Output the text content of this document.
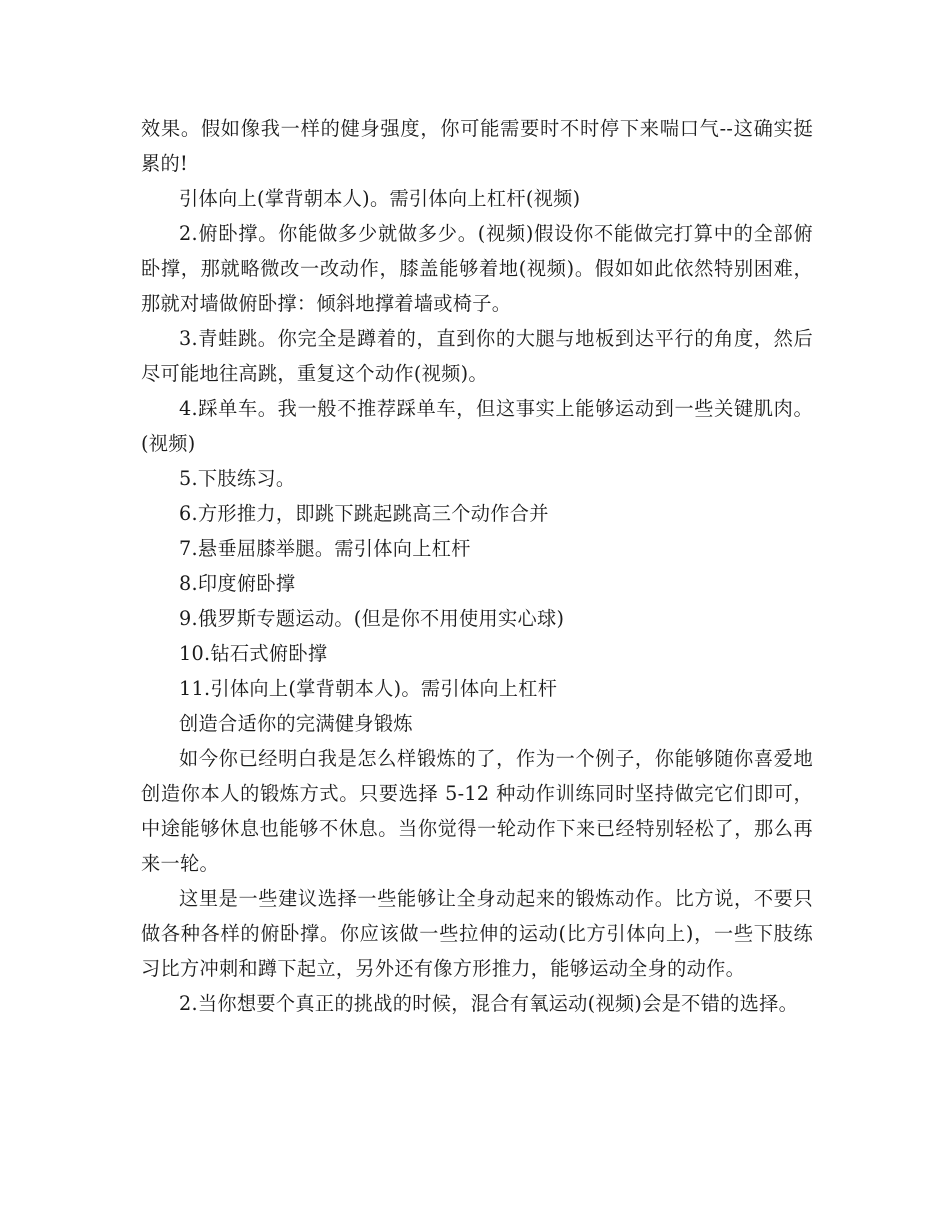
效果。假如像我一样的健身强度，你可能需要时不时停下来喘口气--这确实挺累的!

引体向上(掌背朝本人)。需引体向上杠杆(视频)

2.俯卧撑。你能做多少就做多少。(视频)假设你不能做完打算中的全部俯卧撑，那就略微改一改动作，膝盖能够着地(视频)。假如如此依然特别困难，那就对墙做俯卧撑：倾斜地撑着墙或椅子。

3.青蛙跳。你完全是蹲着的，直到你的大腿与地板到达平行的角度，然后尽可能地往高跳，重复这个动作(视频)。

4.踩单车。我一般不推荐踩单车，但这事实上能够运动到一些关键肌肉。(视频)

5.下肢练习。

6.方形推力，即跳下跳起跳高三个动作合并

7.悬垂屈膝举腿。需引体向上杠杆

8.印度俯卧撑

9.俄罗斯专题运动。(但是你不用使用实心球)

10.钻石式俯卧撑

11.引体向上(掌背朝本人)。需引体向上杠杆

创造合适你的完满健身锻炼

如今你已经明白我是怎么样锻炼的了，作为一个例子，你能够随你喜爱地创造你本人的锻炼方式。只要选择 5-12 种动作训练同时坚持做完它们即可，中途能够休息也能够不休息。当你觉得一轮动作下来已经特别轻松了，那么再来一轮。

这里是一些建议选择一些能够让全身动起来的锻炼动作。比方说，不要只做各种各样的俯卧撑。你应该做一些拉伸的运动(比方引体向上)，一些下肢练习比方冲刺和蹲下起立，另外还有像方形推力，能够运动全身的动作。

2.当你想要个真正的挑战的时候，混合有氧运动(视频)会是不错的选择。
